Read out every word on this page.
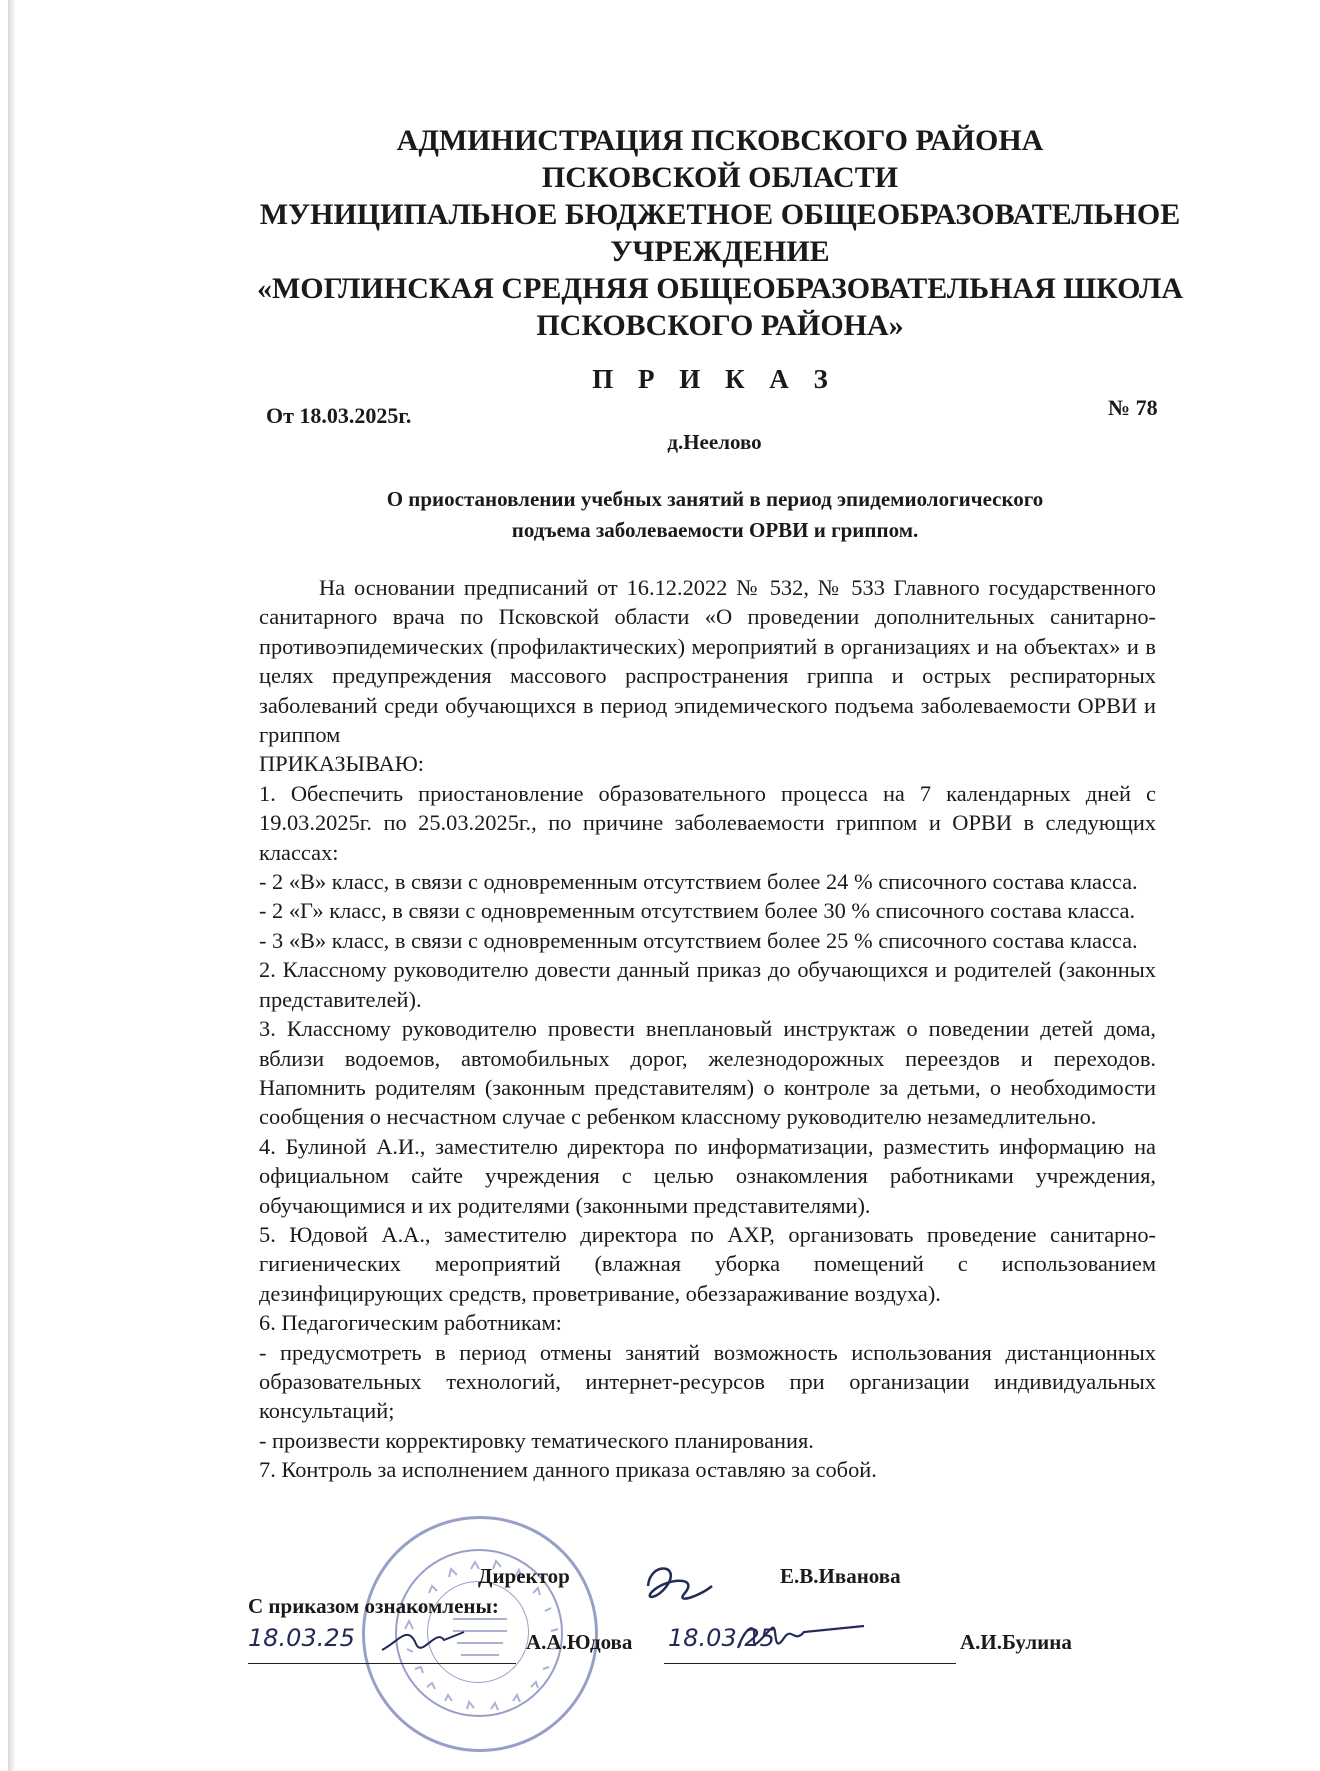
АДМИНИСТРАЦИЯ ПСКОВСКОГО РАЙОНА
ПСКОВСКОЙ ОБЛАСТИ
МУНИЦИПАЛЬНОЕ БЮДЖЕТНОЕ ОБЩЕОБРАЗОВАТЕЛЬНОЕ
УЧРЕЖДЕНИЕ
«МОГЛИНСКАЯ СРЕДНЯЯ ОБЩЕОБРАЗОВАТЕЛЬНАЯ ШКОЛА
ПСКОВСКОГО РАЙОНА»
П Р И К А З
От 18.03.2025г.	№ 78
д.Неелово
О приостановлении учебных занятий в период эпидемиологического
подъема заболеваемости ОРВИ и гриппом.

На основании предписаний от 16.12.2022 № 532, № 533 Главного государственного санитарного врача по Псковской области «О проведении дополнительных санитарно-противоэпидемических (профилактических) мероприятий в организациях и на объектах» и в целях предупреждения массового распространения гриппа и острых респираторных заболеваний среди обучающихся в период эпидемического подъема заболеваемости ОРВИ и гриппом

ПРИКАЗЫВАЮ:

1. Обеспечить приостановление образовательного процесса на 7 календарных дней с 19.03.2025г. по 25.03.2025г., по причине заболеваемости гриппом и ОРВИ в следующих классах:

- 2 «В» класс, в связи с одновременным отсутствием более 24 % списочного состава класса.

- 2 «Г» класс, в связи с одновременным отсутствием более 30 % списочного состава класса.

- 3 «В» класс, в связи с одновременным отсутствием более 25 % списочного состава класса.

2. Классному руководителю довести данный приказ до обучающихся и родителей (законных представителей).

3. Классному руководителю провести внеплановый инструктаж о поведении детей дома, вблизи водоемов, автомобильных дорог, железнодорожных переездов и переходов. Напомнить родителям (законным представителям) о контроле за детьми, о необходимости сообщения о несчастном случае с ребенком классному руководителю незамедлительно.

4. Булиной А.И., заместителю директора по информатизации, разместить информацию на официальном сайте учреждения с целью ознакомления работниками учреждения, обучающимися и их родителями (законными представителями).

5. Юдовой А.А., заместителю директора по АХР, организовать проведение санитарно-гигиенических мероприятий (влажная уборка помещений с использованием дезинфицирующих средств, проветривание, обеззараживание воздуха).

6. Педагогическим работникам:

- предусмотреть в период отмены занятий возможность использования дистанционных образовательных технологий, интернет-ресурсов при организации индивидуальных консультаций;

- произвести корректировку тематического планирования.

7. Контроль за исполнением данного приказа оставляю за собой.

Директор	Е.В.Иванова
С приказом ознакомлены:
18.03.25	А.А.Юдова 18.03.25	А.И.Булина
